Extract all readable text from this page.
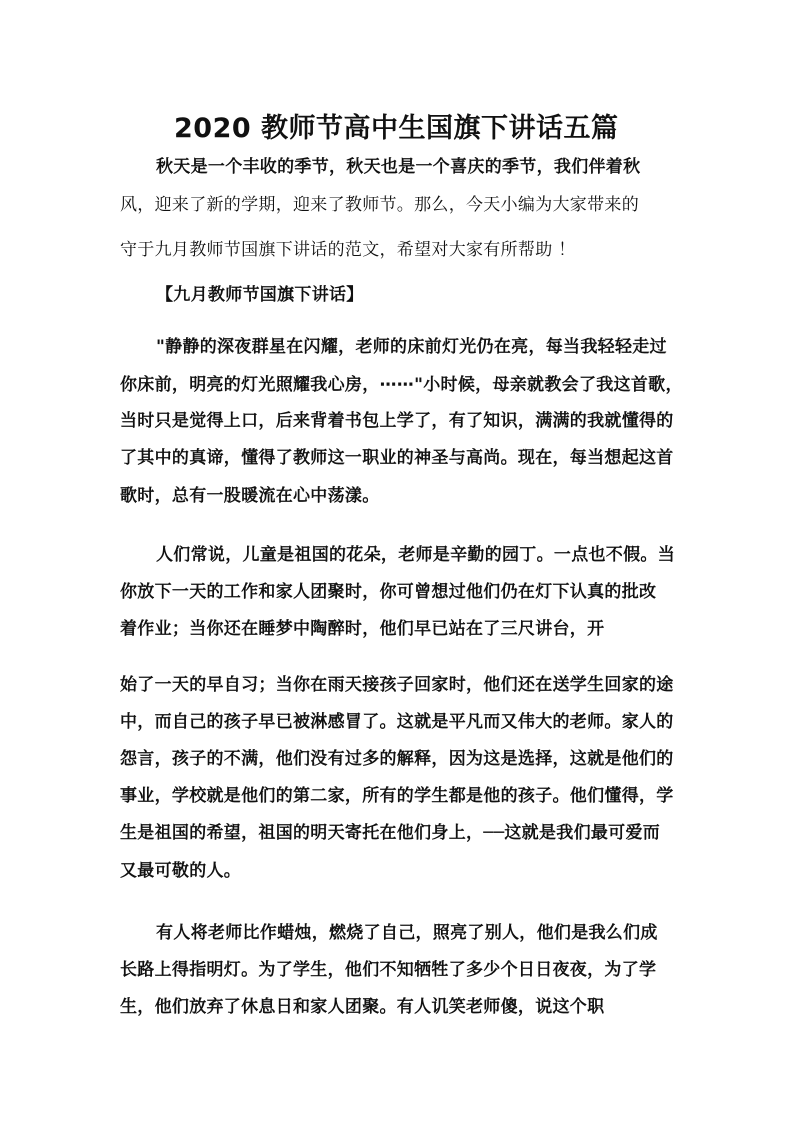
2020 教师节高中生国旗下讲话五篇
秋天是一个丰收的季节，秋天也是一个喜庆的季节，我们伴着秋
风，迎来了新的学期，迎来了教师节。那么，今天小编为大家带来的
守于九月教师节国旗下讲话的范文，希望对大家有所帮助 ！
【九月教师节国旗下讲话】
"静静的深夜群星在闪耀，老师的床前灯光仍在亮，每当我轻轻走过
你床前，明亮的灯光照耀我心房，⋯⋯"小时候，母亲就教会了我这首歌，
当时只是觉得上口，后来背着书包上学了，有了知识，满满的我就懂得的
了其中的真谛，懂得了教师这一职业的神圣与高尚。现在，每当想起这首
歌时，总有一股暖流在心中荡漾。
人们常说，儿童是祖国的花朵，老师是辛勤的园丁。一点也不假。当
你放下一天的工作和家人团聚时，你可曾想过他们仍在灯下认真的批改
着作业；当你还在睡梦中陶醉时，他们早已站在了三尺讲台，开
始了一天的早自习；当你在雨天接孩子回家时，他们还在送学生回家的途
中，而自己的孩子早已被淋感冒了。这就是平凡而又伟大的老师。家人的
怨言，孩子的不满，他们没有过多的解释，因为这是选择，这就是他们的
事业，学校就是他们的第二家，所有的学生都是他的孩子。他们懂得，学
生是祖国的希望，祖国的明天寄托在他们身上，──这就是我们最可爱而
又最可敬的人。
有人将老师比作蜡烛，燃烧了自己，照亮了别人，他们是我么们成
长路上得指明灯。为了学生，他们不知牺牲了多少个日日夜夜，为了学
生，他们放弃了休息日和家人团聚。有人讥笑老师傻，说这个职
